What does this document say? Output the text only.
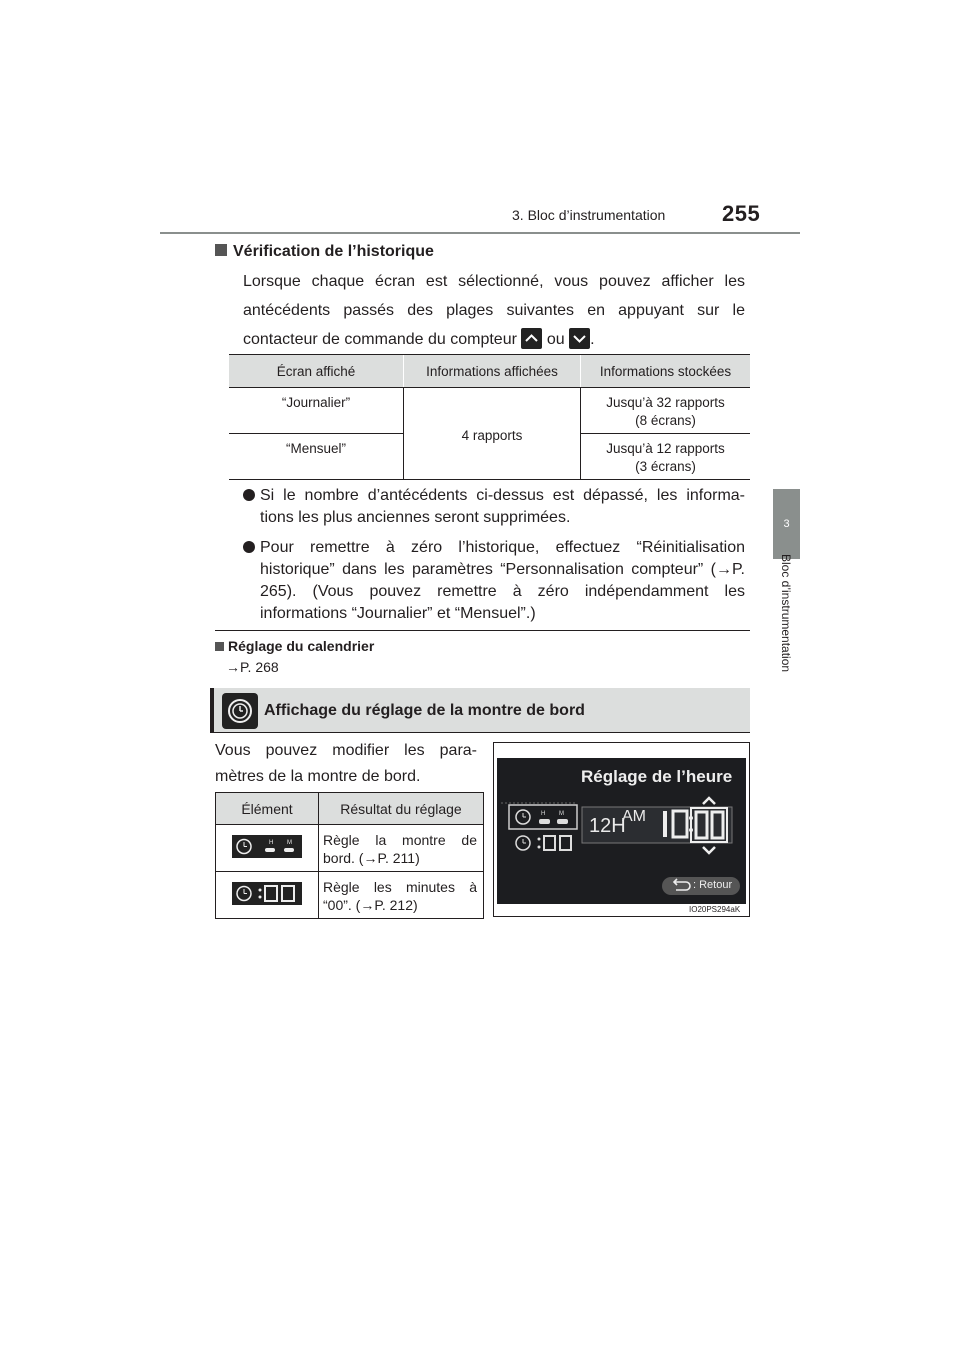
3. Bloc d’instrumentation	255
3
Bloc d’instrumentation
Vérification de l’historique
Lorsque chaque écran est sélectionné, vous pouvez afficher les antécédents passés des plages suivantes en appuyant sur le contacteur de commande du compteur ou .
Écran affiché	Informations affichées	Informations stockées
“Journalier”	4 rapports	Jusqu’à 32 rapports
(8 écrans)
“Mensuel”		Jusqu’à 12 rapports
(3 écrans)
Si le nombre d’antécédents ci-dessus est dépassé, les informa- tions les plus anciennes seront supprimées.
Pour remettre à zéro l’historique, effectuez “Réinitialisation historique” dans les paramètres “Personnalisation compteur” (→P. 265). (Vous pouvez remettre à zéro indépendamment les informations “Journalier” et “Mensuel”.)
Réglage du calendrier
→P. 268
Affichage du réglage de la montre de bord
Vous pouvez modifier les para- mètres de la montre de bord.
Élément	Résultat du réglage

H M	Règle la montre de bord. (→P. 211)
	Règle les minutes à “00”. (→P. 212)
H M
Réglage de l’heure
12H
AM
: Retour
IO20PS294aK
